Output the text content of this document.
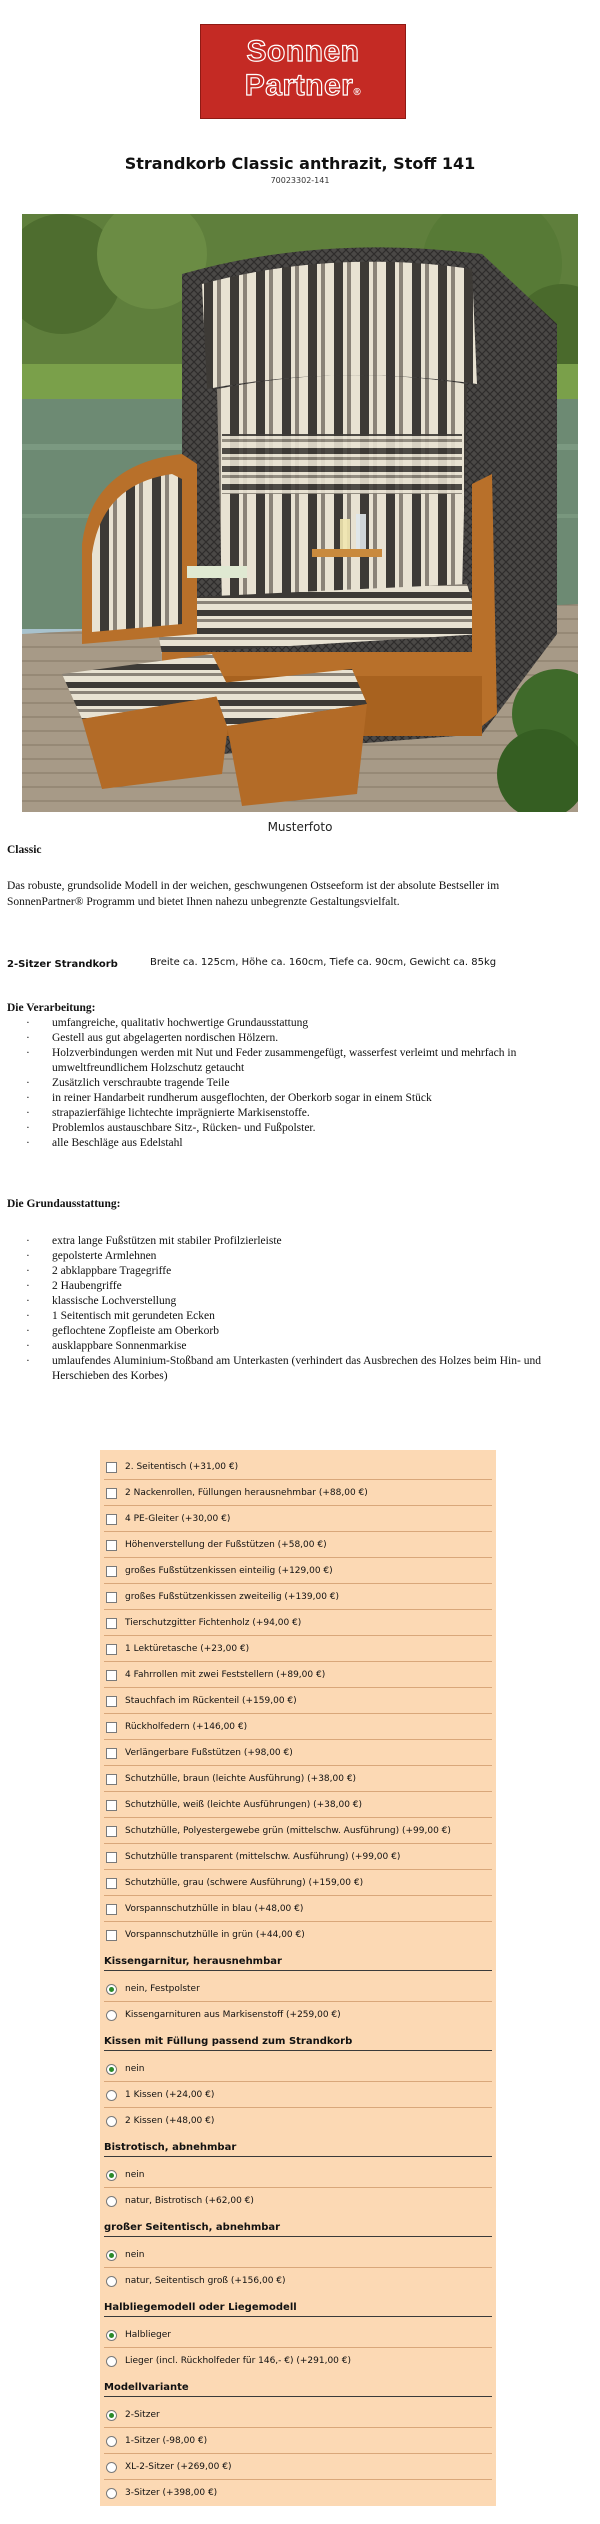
Sonnen
Partner®
Strandkorb Classic anthrazit, Stoff 141
70023302-141
Musterfoto
Classic
Das robuste, grundsolide Modell in der weichen, geschwungenen Ostseeform ist der absolute Bestseller im SonnenPartner® Programm und bietet Ihnen nahezu unbegrenzte Gestaltungsvielfalt.
2-Sitzer Strandkorb	Breite ca. 125cm, Höhe ca. 160cm, Tiefe ca. 90cm, Gewicht ca. 85kg
Die Verarbeitung:
· umfangreiche, qualitativ hochwertige Grundausstattung
· Gestell aus gut abgelagerten nordischen Hölzern.
· Holzverbindungen werden mit Nut und Feder zusammengefügt, wasserfest verleimt und mehrfach in umweltfreundlichem Holzschutz getaucht
· Zusätzlich verschraubte tragende Teile
· in reiner Handarbeit rundherum ausgeflochten, der Oberkorb sogar in einem Stück
· strapazierfähige lichtechte imprägnierte Markisenstoffe.
· Problemlos austauschbare Sitz-, Rücken- und Fußpolster.
· alle Beschläge aus Edelstahl
Die Grundausstattung:
· extra lange Fußstützen mit stabiler Profilzierleiste
· gepolsterte Armlehnen
· 2 abklappbare Tragegriffe
· 2 Haubengriffe
· klassische Lochverstellung
· 1 Seitentisch mit gerundeten Ecken
· geflochtene Zopfleiste am Oberkorb
· ausklappbare Sonnenmarkise
· umlaufendes Aluminium-Stoßband am Unterkasten (verhindert das Ausbrechen des Holzes beim Hin- und Herschieben des Korbes)
2. Seitentisch (+31,00 €)
2 Nackenrollen, Füllungen herausnehmbar (+88,00 €)
4 PE-Gleiter (+30,00 €)
Höhenverstellung der Fußstützen (+58,00 €)
großes Fußstützenkissen einteilig (+129,00 €)
großes Fußstützenkissen zweiteilig (+139,00 €)
Tierschutzgitter Fichtenholz (+94,00 €)
1 Lektüretasche (+23,00 €)
4 Fahrrollen mit zwei Feststellern (+89,00 €)
Stauchfach im Rückenteil (+159,00 €)
Rückholfedern (+146,00 €)
Verlängerbare Fußstützen (+98,00 €)
Schutzhülle, braun (leichte Ausführung) (+38,00 €)
Schutzhülle, weiß (leichte Ausführungen) (+38,00 €)
Schutzhülle, Polyestergewebe grün (mittelschw. Ausführung) (+99,00 €)
Schutzhülle transparent (mittelschw. Ausführung) (+99,00 €)
Schutzhülle, grau (schwere Ausführung) (+159,00 €)
Vorspannschutzhülle in blau (+48,00 €)
Vorspannschutzhülle in grün (+44,00 €)
Kissengarnitur, herausnehmbar
nein, Festpolster
Kissengarnituren aus Markisenstoff (+259,00 €)
Kissen mit Füllung passend zum Strandkorb
nein
1 Kissen (+24,00 €)
2 Kissen (+48,00 €)
Bistrotisch, abnehmbar
nein
natur, Bistrotisch (+62,00 €)
großer Seitentisch, abnehmbar
nein
natur, Seitentisch groß (+156,00 €)
Halbliegemodell oder Liegemodell
Halblieger
Lieger (incl. Rückholfeder für 146,- €) (+291,00 €)
Modellvariante
2-Sitzer
1-Sitzer (-98,00 €)
XL-2-Sitzer (+269,00 €)
3-Sitzer (+398,00 €)
